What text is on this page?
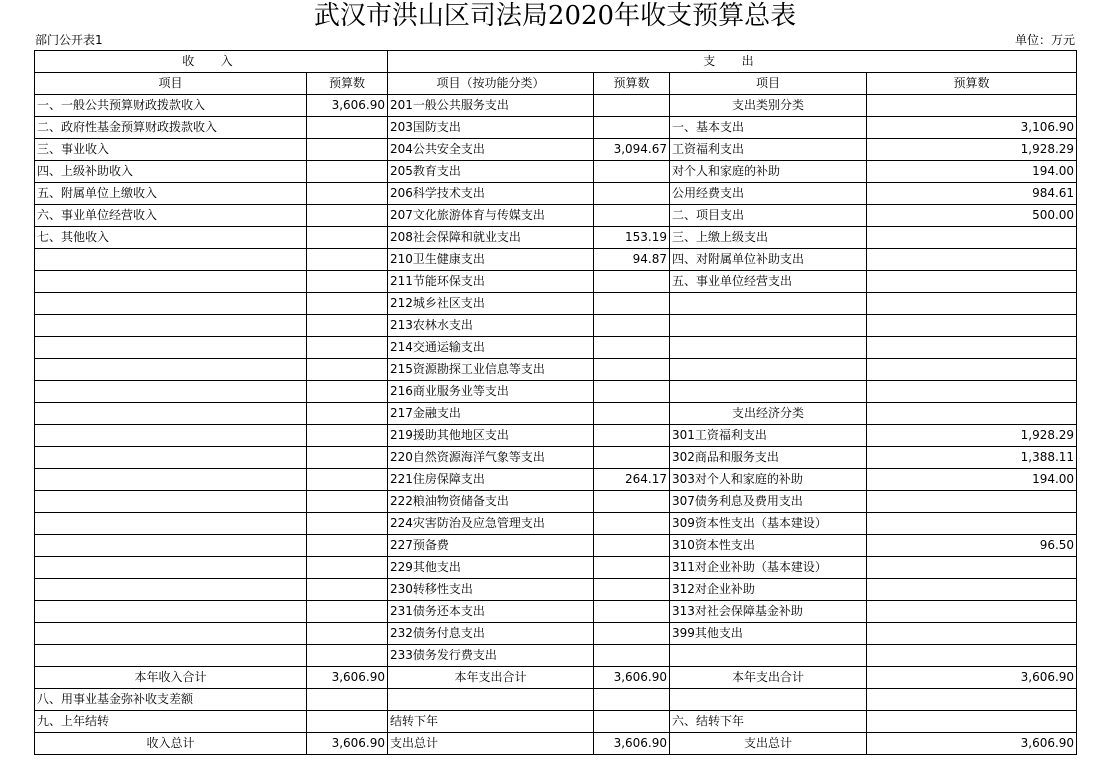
武汉市洪山区司法局2020年收支预算总表
部门公开表1	单位：万元
收　入		支　出			
项目	预算数	项目（按功能分类）	预算数	项目	预算数
一、一般公共预算财政拨款收入	3,606.90	201一般公共服务支出		支出类别分类	
二、政府性基金预算财政拨款收入		203国防支出		一、基本支出	3,106.90
三、事业收入		204公共安全支出	3,094.67	工资福利支出	1,928.29
四、上级补助收入		205教育支出		对个人和家庭的补助	194.00
五、附属单位上缴收入		206科学技术支出		公用经费支出	984.61
六、事业单位经营收入		207文化旅游体育与传媒支出		二、项目支出	500.00
七、其他收入		208社会保障和就业支出	153.19	三、上缴上级支出	
		210卫生健康支出	94.87	四、对附属单位补助支出	
		211节能环保支出		五、事业单位经营支出	
		212城乡社区支出			
		213农林水支出			
		214交通运输支出			
		215资源勘探工业信息等支出			
		216商业服务业等支出			
		217金融支出		支出经济分类	
		219援助其他地区支出		301工资福利支出	1,928.29
		220自然资源海洋气象等支出		302商品和服务支出	1,388.11
		221住房保障支出	264.17	303对个人和家庭的补助	194.00
		222粮油物资储备支出		307债务利息及费用支出	
		224灾害防治及应急管理支出		309资本性支出（基本建设）	
		227预备费		310资本性支出	96.50
		229其他支出		311对企业补助（基本建设）	
		230转移性支出		312对企业补助	
		231债务还本支出		313对社会保障基金补助	
		232债务付息支出		399其他支出	
		233债务发行费支出			
本年收入合计	3,606.90	本年支出合计	3,606.90	本年支出合计	3,606.90
八、用事业基金弥补收支差额					
九、上年结转		结转下年		六、结转下年	
收入总计	3,606.90	支出总计	3,606.90	支出总计	3,606.90
